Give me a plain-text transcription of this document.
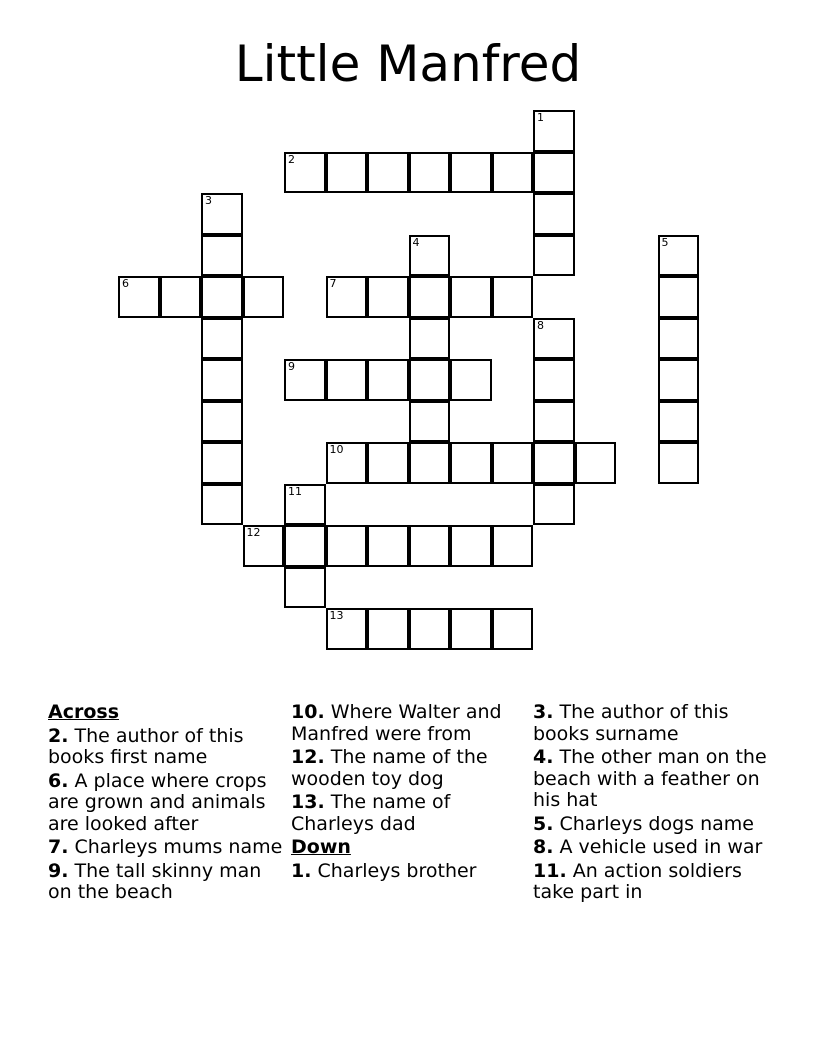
Little Manfred
1
2
3
4	5
6	7
8
9
10
11
12
13
Across
2. The author of this books first name
6. A place where crops are grown and animals are looked after
7. Charleys mums name
9. The tall skinny man on the beach
10. Where Walter and Manfred were from
12. The name of the wooden toy dog
13. The name of Charleys dad
Down
1. Charleys brother
3. The author of this books surname
4. The other man on the beach with a feather on his hat
5. Charleys dogs name
8. A vehicle used in war
11. An action soldiers take part in
